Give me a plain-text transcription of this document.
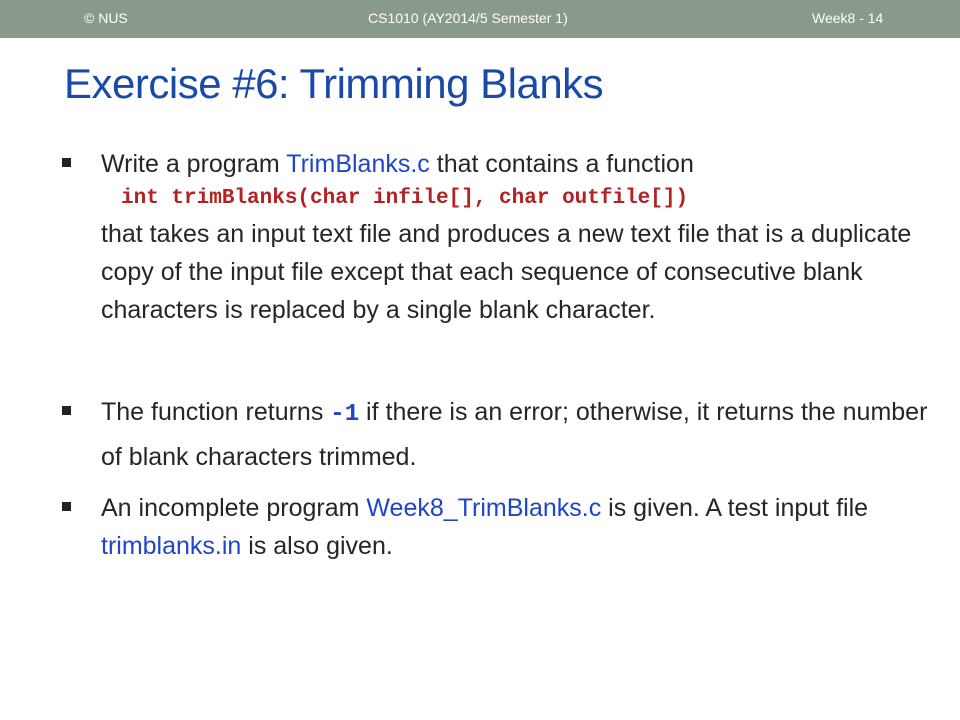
© NUS	CS1010 (AY2014/5 Semester 1)	Week8 - 14
Exercise #6: Trimming Blanks
Write a program TrimBlanks.c that contains a function
int trimBlanks(char infile[], char outfile[])
that takes an input text file and produces a new text file that is a duplicate copy of the input file except that each sequence of consecutive blank characters is replaced by a single blank character.
The function returns -1 if there is an error; otherwise, it returns the number of blank characters trimmed.
An incomplete program Week8_TrimBlanks.c is given. A test input file trimblanks.in is also given.
